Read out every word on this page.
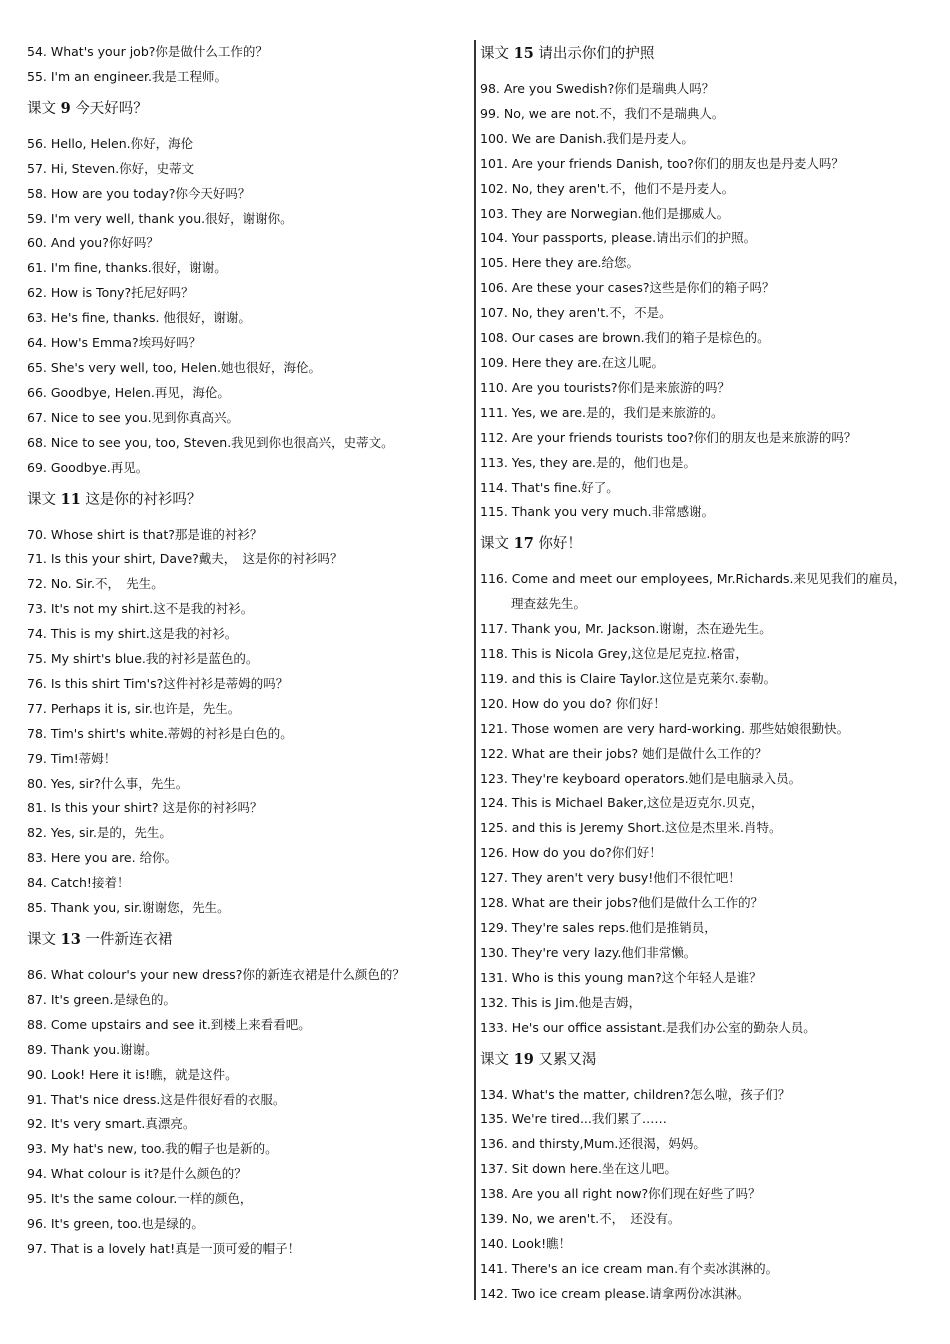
54. What's your job?你是做什么工作的？
55. I'm an engineer.我是工程师。
课文 9 今天好吗？
56. Hello, Helen.你好，海伦
57. Hi, Steven.你好，史蒂文
58. How are you today?你今天好吗？
59. I'm very well, thank you.很好，谢谢你。
60. And you?你好吗？
61. I'm fine, thanks.很好，谢谢。
62. How is Tony?托尼好吗？
63. He's fine, thanks. 他很好，谢谢。
64. How's Emma?埃玛好吗？
65. She's very well, too, Helen.她也很好，海伦。
66. Goodbye, Helen.再见，海伦。
67. Nice to see you.见到你真高兴。
68. Nice to see you, too, Steven.我见到你也很高兴，史蒂文。
69. Goodbye.再见。
课文 11 这是你的衬衫吗？
70. Whose shirt is that?那是谁的衬衫？
71. Is this your shirt, Dave?戴夫，　这是你的衬衫吗？
72. No. Sir.不，　先生。
73. It's not my shirt.这不是我的衬衫。
74. This is my shirt.这是我的衬衫。
75. My shirt's blue.我的衬衫是蓝色的。
76. Is this shirt Tim's?这件衬衫是蒂姆的吗？
77. Perhaps it is, sir.也许是，先生。
78. Tim's shirt's white.蒂姆的衬衫是白色的。
79. Tim!蒂姆！
80. Yes, sir?什么事，先生。
81. Is this your shirt? 这是你的衬衫吗？
82. Yes, sir.是的，先生。
83. Here you are. 给你。
84. Catch!接着！
85. Thank you, sir.谢谢您，先生。
课文 13 一件新连衣裙
86. What colour's your new dress?你的新连衣裙是什么颜色的？
87. It's green.是绿色的。
88. Come upstairs and see it.到楼上来看看吧。
89. Thank you.谢谢。
90. Look! Here it is!瞧，就是这件。
91. That's nice dress.这是件很好看的衣服。
92. It's very smart.真漂亮。
93. My hat's new, too.我的帽子也是新的。
94. What colour is it?是什么颜色的？
95. It's the same colour.一样的颜色，
96. It's green, too.也是绿的。
97. That is a lovely hat!真是一顶可爱的帽子！
课文 15 请出示你们的护照
98. Are you Swedish?你们是瑞典人吗？
99. No, we are not.不，我们不是瑞典人。
100. We are Danish.我们是丹麦人。
101. Are your friends Danish, too?你们的朋友也是丹麦人吗？
102. No, they aren't.不，他们不是丹麦人。
103. They are Norwegian.他们是挪威人。
104. Your passports, please.请出示们的护照。
105. Here they are.给您。
106. Are these your cases?这些是你们的箱子吗？
107. No, they aren't.不，不是。
108. Our cases are brown.我们的箱子是棕色的。
109. Here they are.在这儿呢。
110. Are you tourists?你们是来旅游的吗？
111. Yes, we are.是的，我们是来旅游的。
112. Are your friends tourists too?你们的朋友也是来旅游的吗？
113. Yes, they are.是的，他们也是。
114. That's fine.好了。
115. Thank you very much.非常感谢。
课文 17 你好！
116. Come and meet our employees, Mr.Richards.来见见我们的雇员，
理查兹先生。
117. Thank you, Mr. Jackson.谢谢，杰在逊先生。
118. This is Nicola Grey,这位是尼克拉.格雷，
119. and this is Claire Taylor.这位是克莱尔.泰勒。
120. How do you do? 你们好！
121. Those women are very hard-working. 那些姑娘很勤快。
122. What are their jobs? 她们是做什么工作的？
123. They're keyboard operators.她们是电脑录入员。
124. This is Michael Baker,这位是迈克尔.贝克，
125. and this is Jeremy Short.这位是杰里米.肖特。
126. How do you do?你们好！
127. They aren't very busy!他们不很忙吧！
128. What are their jobs?他们是做什么工作的？
129. They're sales reps.他们是推销员，
130. They're very lazy.他们非常懒。
131. Who is this young man?这个年轻人是谁？
132. This is Jim.他是吉姆，
133. He's our office assistant.是我们办公室的勤杂人员。
课文 19 又累又渴
134. What's the matter, children?怎么啦，孩子们？
135. We're tired...我们累了……
136. and thirsty,Mum.还很渴，妈妈。
137. Sit down here.坐在这儿吧。
138. Are you all right now?你们现在好些了吗？
139. No, we aren't.不，　还没有。
140. Look!瞧！
141. There's an ice cream man.有个卖冰淇淋的。
142. Two ice cream please.请拿两份冰淇淋。
